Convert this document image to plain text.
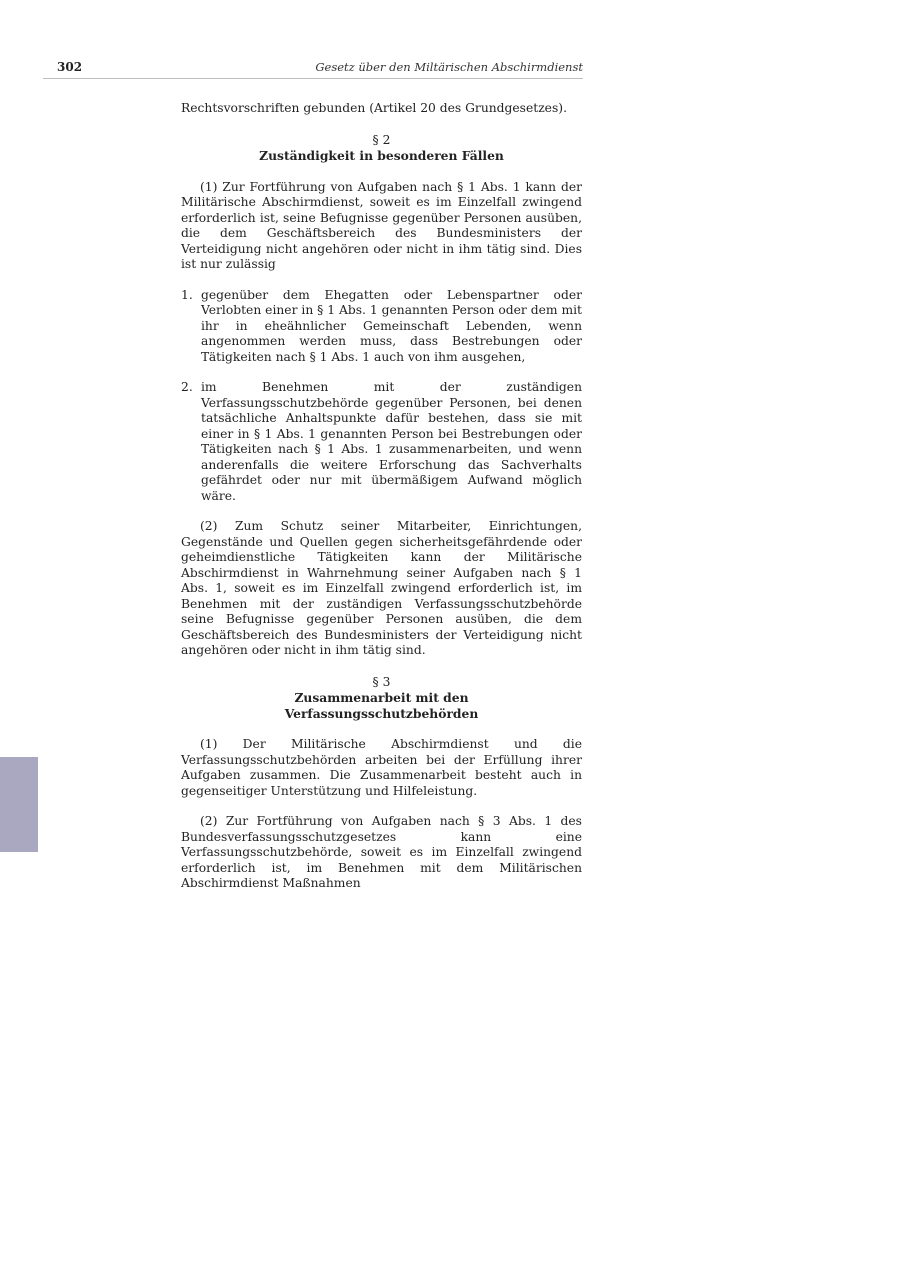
302	Gesetz über den Miltärischen Abschirmdienst

Rechtsvorschriften gebunden (Artikel 20 des Grundgesetzes).

§ 2
Zuständigkeit in besonderen Fällen

(1) Zur Fortführung von Aufgaben nach § 1 Abs. 1 kann der Militärische Abschirmdienst, soweit es im Einzelfall zwingend erforderlich ist, seine Befugnisse gegenüber Personen ausüben, die dem Geschäftsbereich des Bundesministers der Verteidigung nicht angehören oder nicht in ihm tätig sind. Dies ist nur zulässig

1. gegenüber dem Ehegatten oder Lebenspartner oder Verlobten einer in § 1 Abs. 1 genannten Person oder dem mit ihr in eheähnlicher Gemeinschaft Lebenden, wenn angenommen werden muss, dass Bestrebungen oder Tätigkeiten nach § 1 Abs. 1 auch von ihm ausgehen,
2. im Benehmen mit der zuständigen Verfassungsschutzbehörde gegenüber Personen, bei denen tatsächliche Anhaltspunkte dafür bestehen, dass sie mit einer in § 1 Abs. 1 genannten Person bei Bestrebungen oder Tätigkeiten nach § 1 Abs. 1 zusammenarbeiten, und wenn anderenfalls die weitere Erforschung das Sachverhalts gefährdet oder nur mit übermäßigem Aufwand möglich wäre.

(2) Zum Schutz seiner Mitarbeiter, Einrichtungen, Gegenstände und Quellen gegen sicherheitsgefährdende oder geheimdienstliche Tätigkeiten kann der Militärische Abschirmdienst in Wahrnehmung seiner Aufgaben nach § 1 Abs. 1, soweit es im Einzelfall zwingend erforderlich ist, im Benehmen mit der zuständigen Verfassungsschutzbehörde seine Befugnisse gegenüber Personen ausüben, die dem Geschäftsbereich des Bundesministers der Verteidigung nicht angehören oder nicht in ihm tätig sind.

§ 3
Zusammenarbeit mit den
Verfassungsschutzbehörden

(1) Der Militärische Abschirmdienst und die Verfassungsschutzbehörden arbeiten bei der Erfüllung ihrer Aufgaben zusammen. Die Zusammenarbeit besteht auch in gegenseitiger Unterstützung und Hilfeleistung.

(2) Zur Fortführung von Aufgaben nach § 3 Abs. 1 des Bundesverfassungsschutzgesetzes kann eine Verfassungsschutzbehörde, soweit es im Einzelfall zwingend erforderlich ist, im Benehmen mit dem Militärischen Abschirmdienst Maßnahmen
